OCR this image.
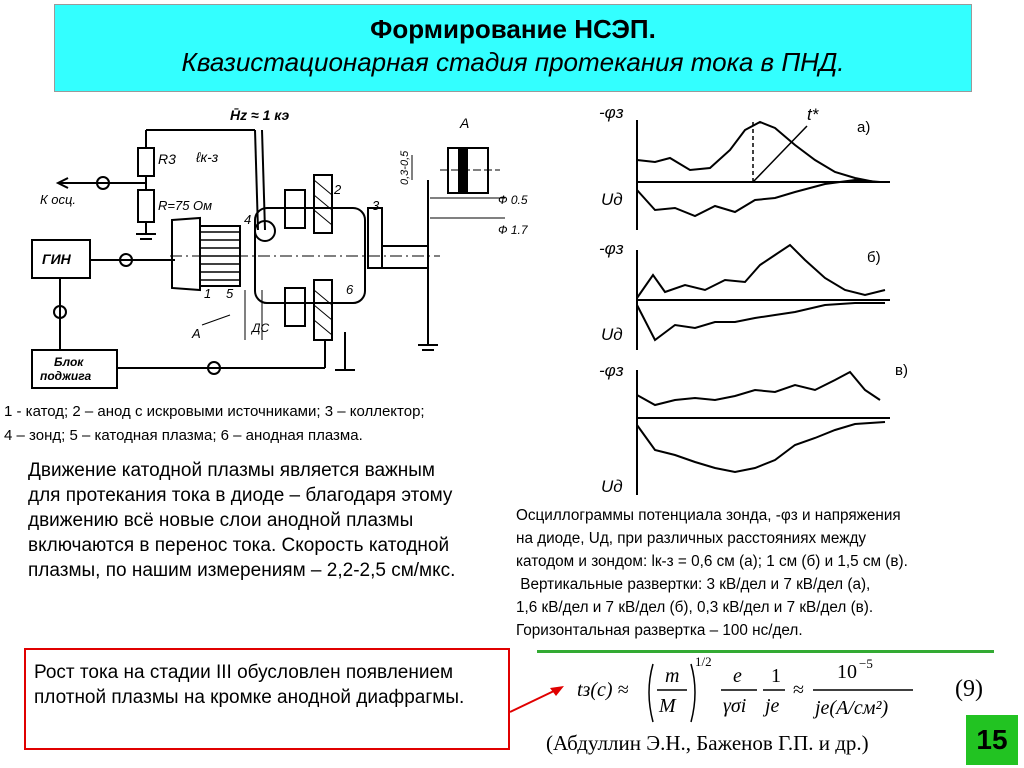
Формирование НСЭП.
Квазистационарная стадия протекания тока в ПНД.
H̄z ≈ 1 кэ
R3 ℓк-з
R=75 Ом
К осц.
ГИН
Блок
поджига
1 5
4
2
3
6
А	ДС
0,3-0,5
А
Ф 0.5
Ф 1.7
1 - катод; 2 – анод с искровыми источниками; 3 – коллектор;
4 – зонд; 5 – катодная плазма; 6 – анодная плазма.
Движение катодной плазмы является важным для протекания тока в диоде – благодаря этому движению всё новые слои анодной плазмы включаются в перенос тока. Скорость катодной плазмы, по нашим измерениям – 2,2-2,5 см/мкс.
-φз
Uд
-φз
Uд
-φз
Uд
t*
а)
б)
в)
Осциллограммы потенциала зонда, -φз и напряжения
на диоде, Uд, при различных расстояниях между
катодом и зондом: lк-з = 0,6 см (а); 1 см (б) и 1,5 см (в).
Вертикальные развертки: 3 кВ/дел и 7 кВ/дел (а),
1,6 кВ/дел и 7 кВ/дел (б), 0,3 кВ/дел и 7 кВ/дел (в).
Горизонтальная развертка – 100 нс/дел.
Рост тока на стадии III обусловлен появлением плотной плазмы на кромке анодной диафрагмы.	tз(c) ≈
m
M
1/2
e
γσi
1
je
≈
10 −5
je(A/см²)
(9)
(Абдуллин Э.Н., Баженов Г.П. и др.)	15
